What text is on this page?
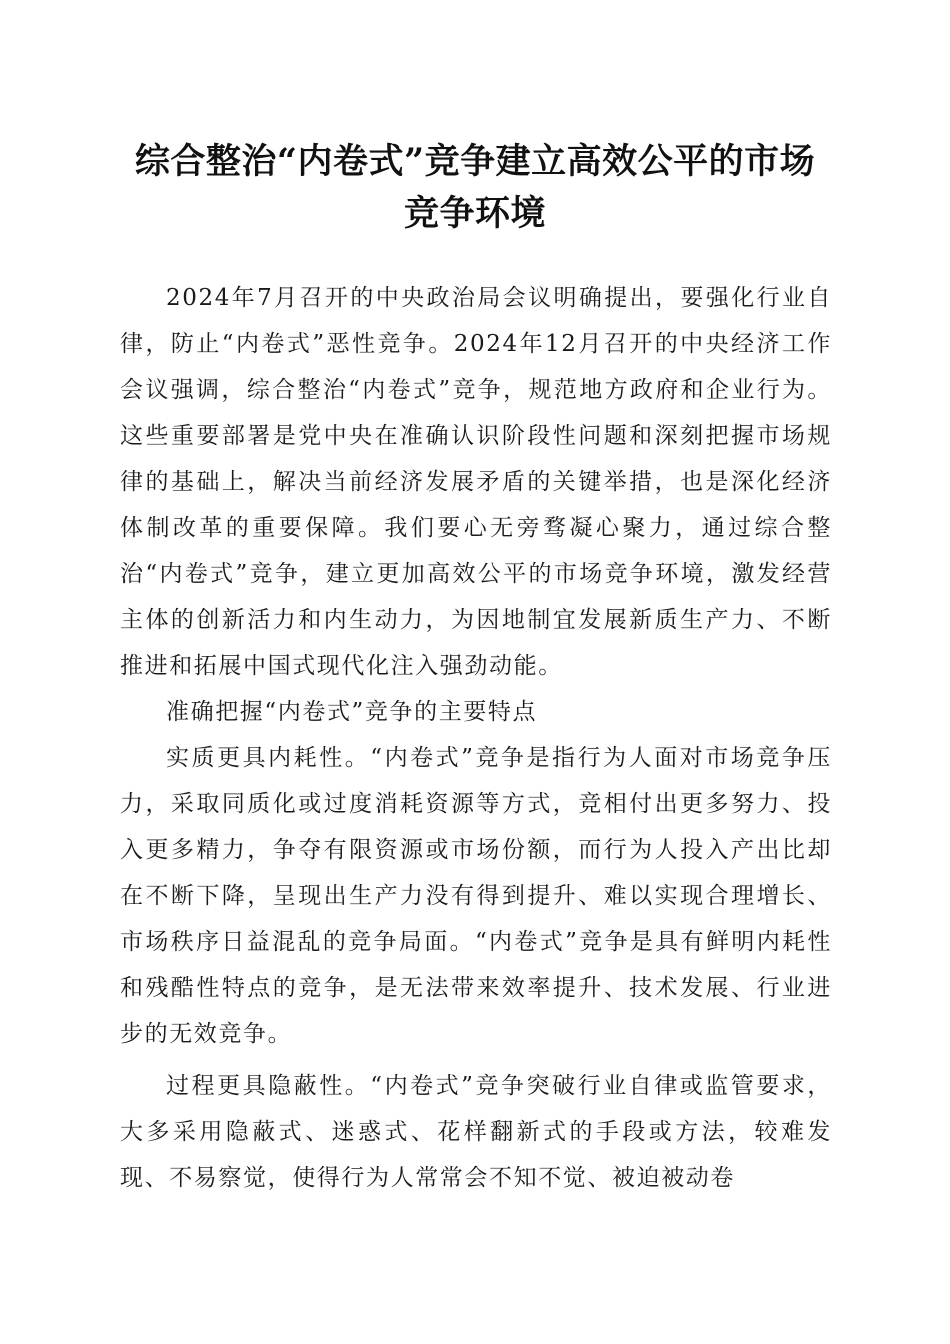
综合整治“内卷式”竞争建立高效公平的市场
竞争环境

2024年7月召开的中央政治局会议明确提出，要强化行业自律，防止“内卷式”恶性竞争。2024年12月召开的中央经济工作会议强调，综合整治“内卷式”竞争，规范地方政府和企业行为。这些重要部署是党中央在准确认识阶段性问题和深刻把握市场规律的基础上，解决当前经济发展矛盾的关键举措，也是深化经济体制改革的重要保障。我们要心无旁骛凝心聚力，通过综合整治“内卷式”竞争，建立更加高效公平的市场竞争环境，激发经营主体的创新活力和内生动力，为因地制宜发展新质生产力、不断推进和拓展中国式现代化注入强劲动能。

准确把握“内卷式”竞争的主要特点

实质更具内耗性。“内卷式”竞争是指行为人面对市场竞争压力，采取同质化或过度消耗资源等方式，竞相付出更多努力、投入更多精力，争夺有限资源或市场份额，而行为人投入产出比却在不断下降，呈现出生产力没有得到提升、难以实现合理增长、市场秩序日益混乱的竞争局面。“内卷式”竞争是具有鲜明内耗性和残酷性特点的竞争，是无法带来效率提升、技术发展、行业进步的无效竞争。

过程更具隐蔽性。“内卷式”竞争突破行业自律或监管要求，大多采用隐蔽式、迷惑式、花样翻新式的手段或方法，较难发现、不易察觉，使得行为人常常会不知不觉、被迫被动卷
